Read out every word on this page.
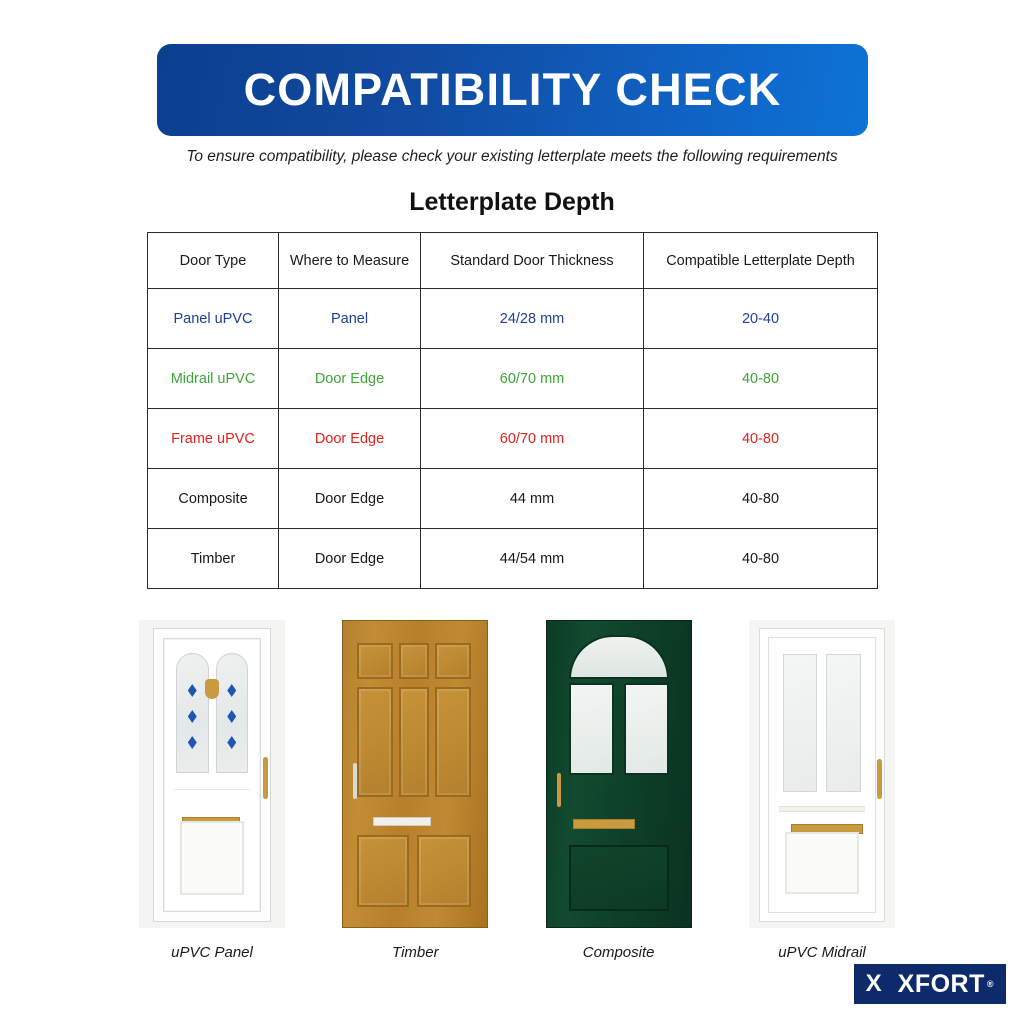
COMPATIBILITY CHECK
To ensure compatibility, please check your existing letterplate meets the following requirements
Letterplate Depth
Door Type	Where to Measure	Standard Door Thickness	Compatible Letterplate Depth
Panel uPVC	Panel	24/28 mm	20-40
Midrail uPVC	Door Edge	60/70 mm	40-80
Frame uPVC	Door Edge	60/70 mm	40-80
Composite	Door Edge	44 mm	40-80
Timber	Door Edge	44/54 mm	40-80
uPVC Panel	Timber	Composite	uPVC Midrail
X XFORT ®
